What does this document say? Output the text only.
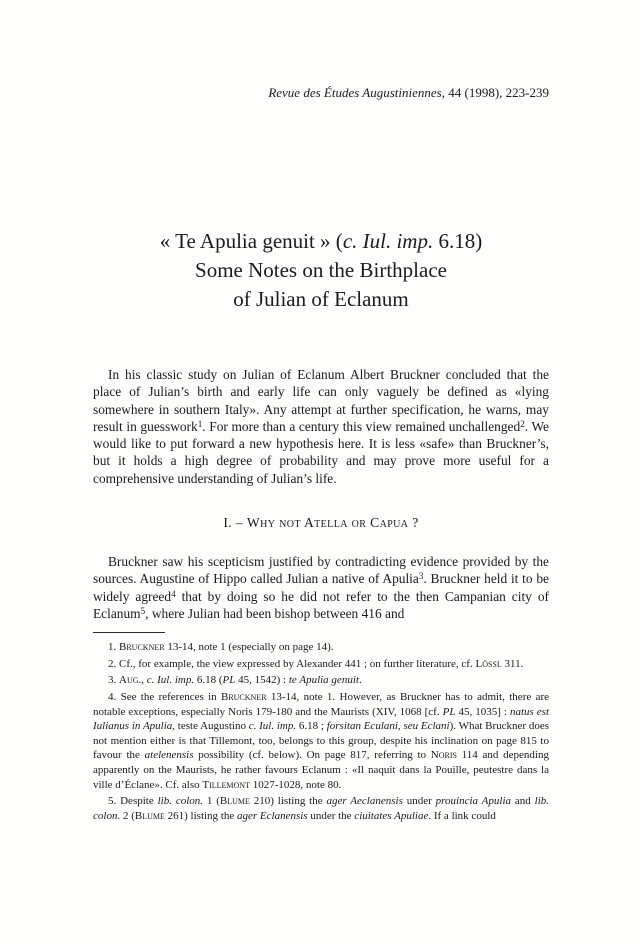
Revue des Études Augustiniennes, 44 (1998), 223-239
« Te Apulia genuit » (c. Iul. imp. 6.18)
Some Notes on the Birthplace
of Julian of Eclanum

In his classic study on Julian of Eclanum Albert Bruckner concluded that the place of Julian’s birth and early life can only vaguely be defined as «lying somewhere in southern Italy». Any attempt at further specification, he warns, may result in guesswork$^1$. For more than a century this view remained unchallenged$^2$. We would like to put forward a new hypothesis here. It is less «safe» than Bruckner’s, but it holds a high degree of probability and may prove more useful for a comprehensive understanding of Julian’s life.

I. – Why not Atella or Capua ?

Bruckner saw his scepticism justified by contradicting evidence provided by the sources. Augustine of Hippo called Julian a native of Apulia$^3$. Bruckner held it to be widely agreed$^4$ that by doing so he did not refer to the then Campanian city of Eclanum$^5$, where Julian had been bishop between 416 and

1. Bruckner 13-14, note 1 (especially on page 14).

2. Cf., for example, the view expressed by Alexander 441 ; on further literature, cf. Lössl 311.

3. Aug., c. Iul. imp. 6.18 (PL 45, 1542) : te Apulia genuit.

4. See the references in Bruckner 13-14, note 1. However, as Bruckner has to admit, there are notable exceptions, especially Noris 179-180 and the Maurists (XIV, 1068 [cf. PL 45, 1035] : natus est Iulianus in Apulia, teste Augustino c. Iul. imp. 6.18 ; forsitan Eculani, seu Eclani). What Bruckner does not mention either is that Tillemont, too, belongs to this group, despite his inclination on page 815 to favour the atelenensis possibility (cf. below). On page 817, referring to Noris 114 and depending apparently on the Maurists, he rather favours Eclanum : «Il naquit dans la Pouille, peutestre dans la ville d’Éclane». Cf. also Tillemont 1027-1028, note 80.

5. Despite lib. colon. 1 (Blume 210) listing the ager Aeclanensis under prouincia Apulia and lib. colon. 2 (Blume 261) listing the ager Eclanensis under the ciuitates Apuliae. If a link could
